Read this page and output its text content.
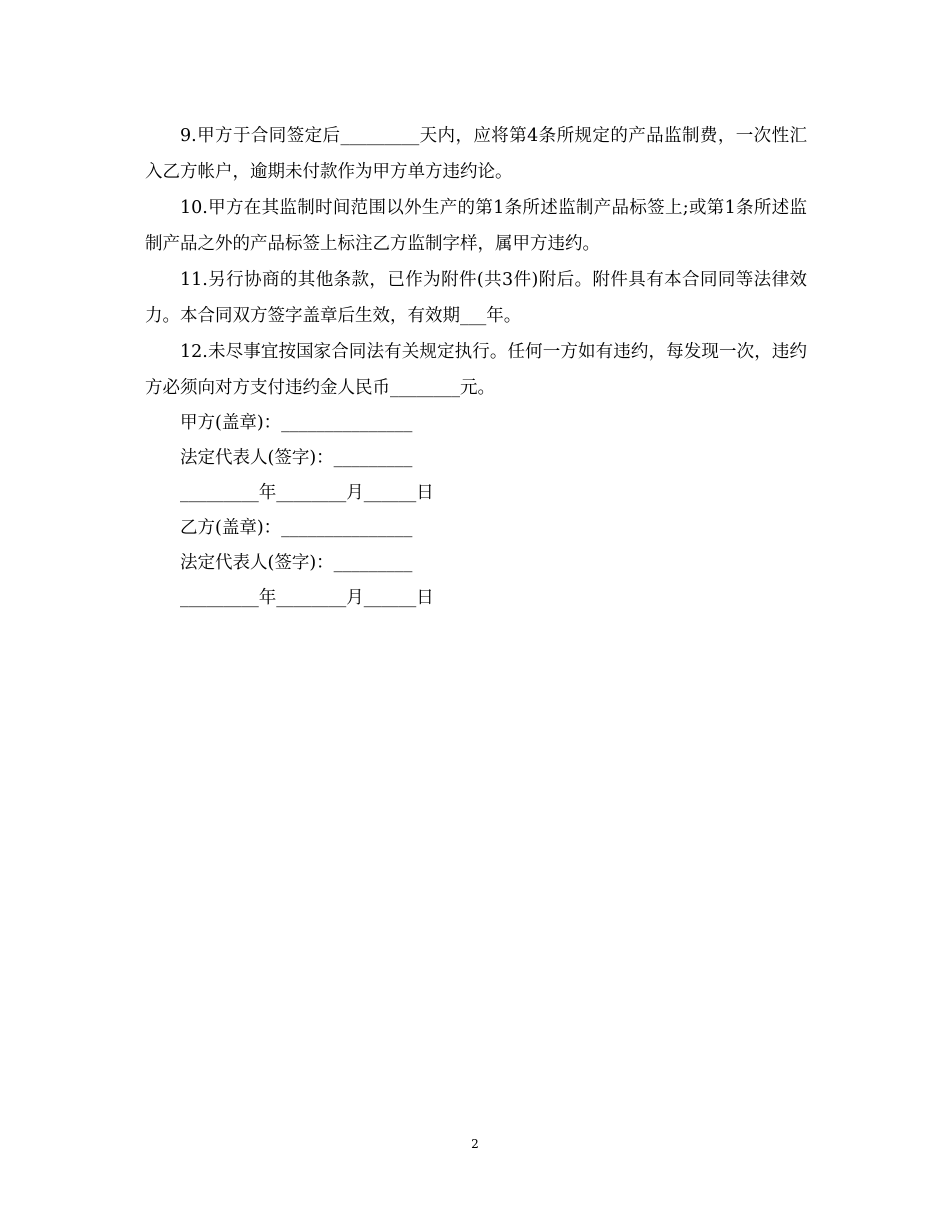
9.甲方于合同签定后_________天内，应将第4条所规定的产品监制费，一次性汇入乙方帐户，逾期未付款作为甲方单方违约论。

10.甲方在其监制时间范围以外生产的第1条所述监制产品标签上;或第1条所述监制产品之外的产品标签上标注乙方监制字样，属甲方违约。

11.另行协商的其他条款，已作为附件(共3件)附后。附件具有本合同同等法律效力。本合同双方签字盖章后生效，有效期___年。

12.未尽事宜按国家合同法有关规定执行。任何一方如有违约，每发现一次，违约方必须向对方支付违约金人民币________元。

甲方(盖章)：_______________

法定代表人(签字)：_________

_________年________月______日

乙方(盖章)：_______________

法定代表人(签字)：_________

_________年________月______日

2
